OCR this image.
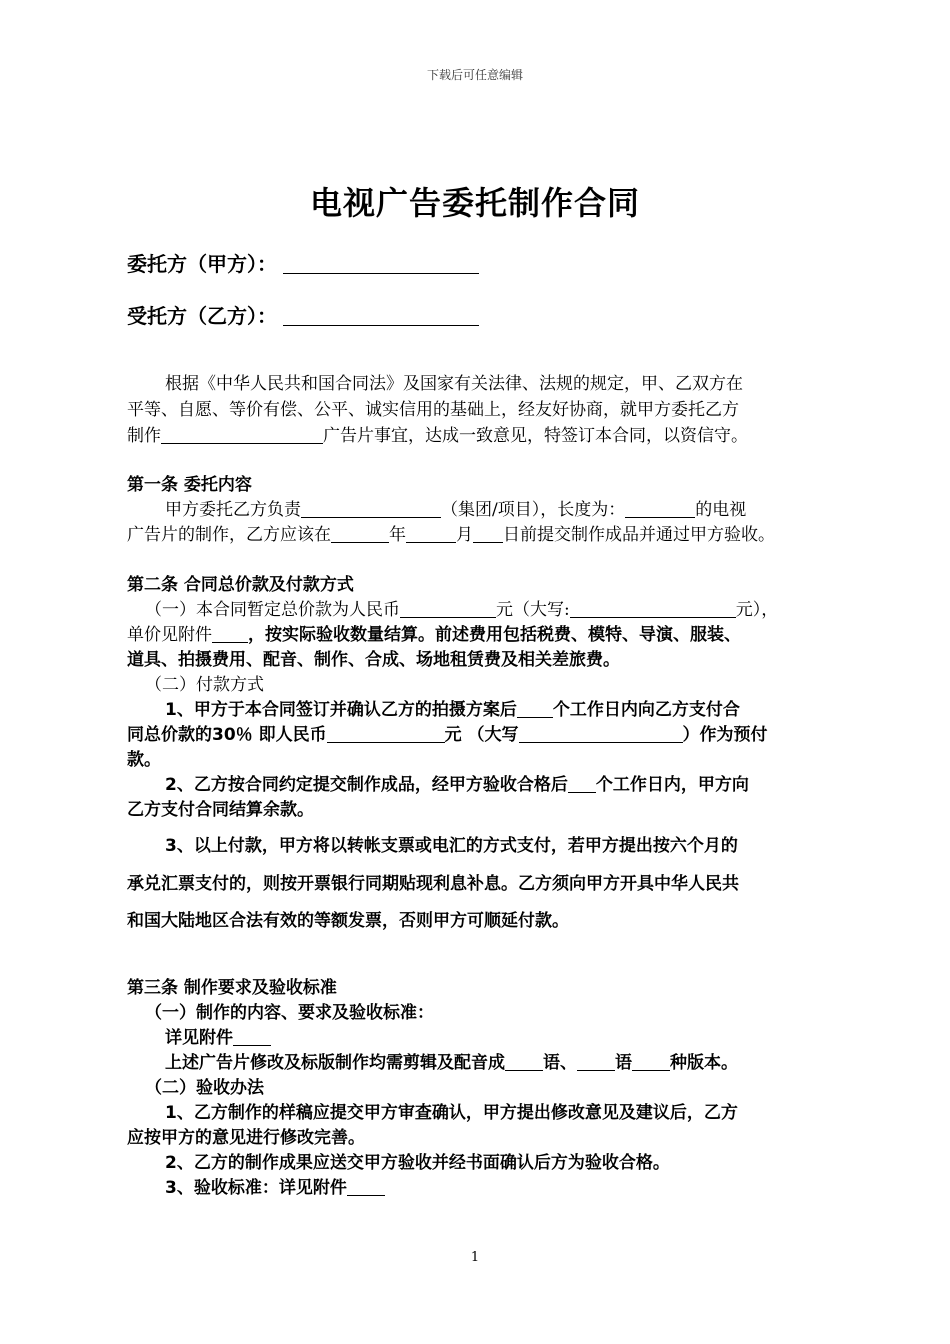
下载后可任意编辑
电视广告委托制作合同
委托方（甲方）：
受托方（乙方）：
根据《中华人民共和国合同法》及国家有关法律、法规的规定，甲、乙双方在
平等、自愿、等价有偿、公平、诚实信用的基础上，经友好协商，就甲方委托乙方
制作	广告片事宜，达成一致意见，特签订本合同，以资信守。
第一条 委托内容
甲方委托乙方负责	（集团/项目），长度为：	的电视
广告片的制作，乙方应该在	年	月 日前提交制作成品并通过甲方验收。
第二条 合同总价款及付款方式
（一）本合同暂定总价款为人民币	元（大写:	元），
单价见附件 ，按实际验收数量结算。前述费用包括税费、模特、导演、服装、
道具、拍摄费用、配音、制作、合成、场地租赁费及相关差旅费。
（二）付款方式
1、甲方于本合同签订并确认乙方的拍摄方案后 个工作日内向乙方支付合
同总价款的30％ 即人民币	元 （大写	）作为预付
款。
2、乙方按合同约定提交制作成品，经甲方验收合格后 个工作日内，甲方向
乙方支付合同结算余款。
3、以上付款，甲方将以转帐支票或电汇的方式支付，若甲方提出按六个月的
承兑汇票支付的，则按开票银行同期贴现利息补息。乙方须向甲方开具中华人民共
和国大陆地区合法有效的等额发票，否则甲方可顺延付款。
第三条 制作要求及验收标准
（一）制作的内容、要求及验收标准：
详见附件
上述广告片修改及标版制作均需剪辑及配音成 语、 语 种版本。
（二）验收办法
1、乙方制作的样稿应提交甲方审查确认，甲方提出修改意见及建议后，乙方
应按甲方的意见进行修改完善。
2、乙方的制作成果应送交甲方验收并经书面确认后方为验收合格。
3、验收标准：详见附件
1
